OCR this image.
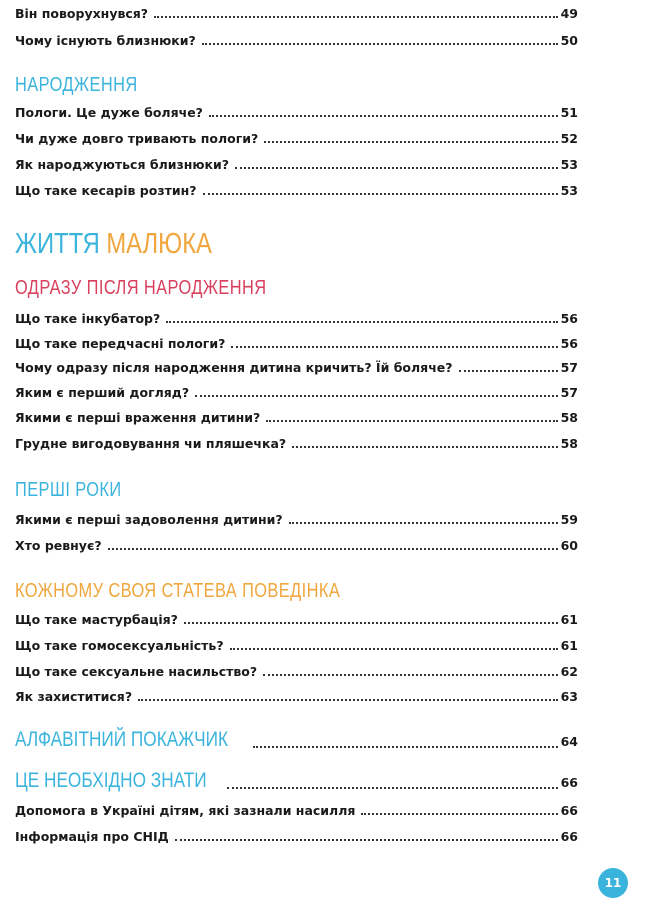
Він поворухнувся?	49
Чому існують близнюки?	50
НАРОДЖЕННЯ
Пологи. Це дуже боляче?	51
Чи дуже довго тривають пологи?	52
Як народжуються близнюки?	53
Що таке кесарів розтин?	53
ЖИТТЯ МАЛЮКА
ОДРАЗУ ПІСЛЯ НАРОДЖЕННЯ
Що таке інкубатор?	56
Що таке передчасні пологи?	56
Чому одразу після народження дитина кричить? Їй боляче?	57
Яким є перший догляд?	57
Якими є перші враження дитини?	58
Грудне вигодовування чи пляшечка?	58
ПЕРШІ РОКИ
Якими є перші задоволення дитини?	59
Хто ревнує?	60
КОЖНОМУ СВОЯ СТАТЕВА ПОВЕДІНКА
Що таке мастурбація?	61
Що таке гомосексуальність?	61
Що таке сексуальне насильство?	62
Як захиститися?	63
АЛФАВІТНИЙ ПОКАЖЧИК	64
ЦЕ НЕОБХІДНО ЗНАТИ	66
Допомога в Україні дітям, які зазнали насилля	66
Інформація про СНІД	66
11
